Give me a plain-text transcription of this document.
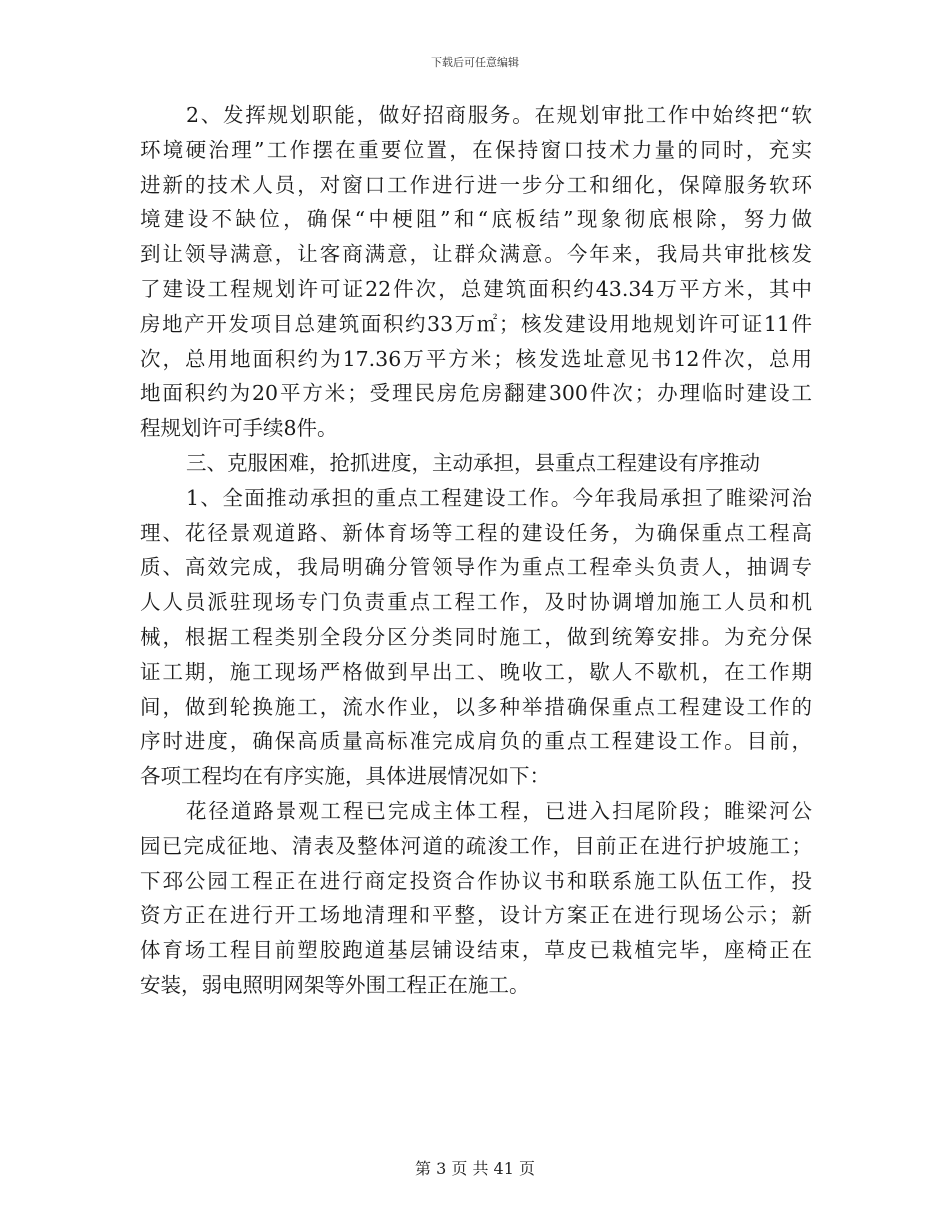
下载后可任意编辑
2、发挥规划职能，做好招商服务。在规划审批工作中始终把“软
环境硬治理”工作摆在重要位置，在保持窗口技术力量的同时，充实
进新的技术人员，对窗口工作进行进一步分工和细化，保障服务软环
境建设不缺位，确保“中梗阻”和“底板结”现象彻底根除，努力做
到让领导满意，让客商满意，让群众满意。今年来，我局共审批核发
了建设工程规划许可证22件次，总建筑面积约43.34万平方米，其中
房地产开发项目总建筑面积约33万㎡；核发建设用地规划许可证11件
次，总用地面积约为17.36万平方米；核发选址意见书12件次，总用
地面积约为20平方米；受理民房危房翻建300件次；办理临时建设工
程规划许可手续8件。
三、克服困难，抢抓进度，主动承担，县重点工程建设有序推动
1、全面推动承担的重点工程建设工作。今年我局承担了睢梁河治
理、花径景观道路、新体育场等工程的建设任务，为确保重点工程高
质、高效完成，我局明确分管领导作为重点工程牵头负责人，抽调专
人人员派驻现场专门负责重点工程工作，及时协调增加施工人员和机
械，根据工程类别全段分区分类同时施工，做到统筹安排。为充分保
证工期，施工现场严格做到早出工、晚收工，歇人不歇机，在工作期
间，做到轮换施工，流水作业，以多种举措确保重点工程建设工作的
序时进度，确保高质量高标准完成肩负的重点工程建设工作。目前，
各项工程均在有序实施，具体进展情况如下：
花径道路景观工程已完成主体工程，已进入扫尾阶段；睢梁河公
园已完成征地、清表及整体河道的疏浚工作，目前正在进行护坡施工；
下邳公园工程正在进行商定投资合作协议书和联系施工队伍工作，投
资方正在进行开工场地清理和平整，设计方案正在进行现场公示；新
体育场工程目前塑胶跑道基层铺设结束，草皮已栽植完毕，座椅正在
安装，弱电照明网架等外围工程正在施工。
第 3 页 共 41 页
